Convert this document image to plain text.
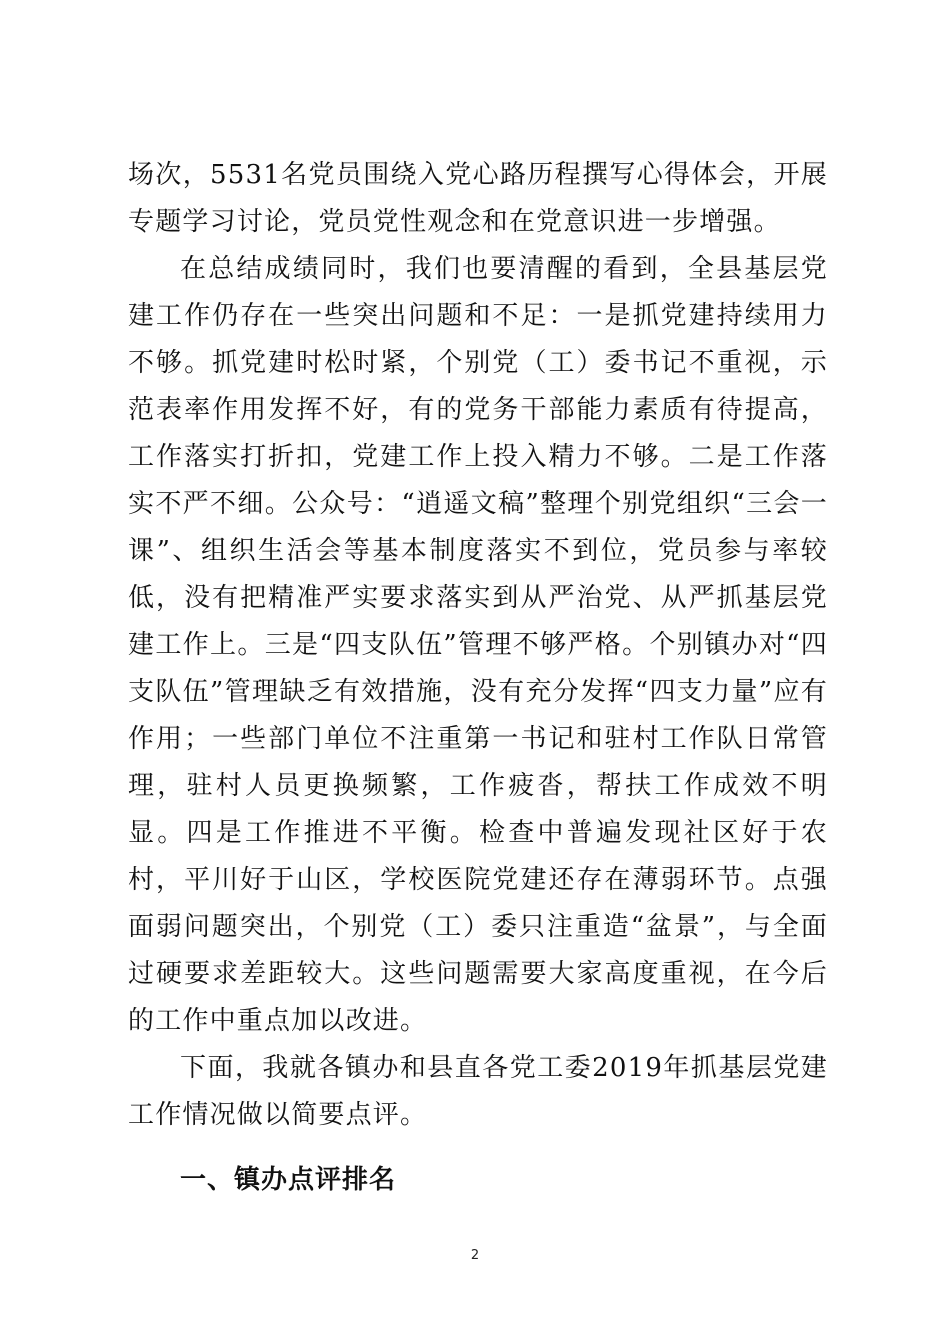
场次，5531名党员围绕入党心路历程撰写心得体会，开展专题学习讨论，党员党性观念和在党意识进一步增强。

在总结成绩同时，我们也要清醒的看到，全县基层党建工作仍存在一些突出问题和不足：一是抓党建持续用力不够。抓党建时松时紧，个别党（工）委书记不重视，示范表率作用发挥不好，有的党务干部能力素质有待提高，工作落实打折扣，党建工作上投入精力不够。二是工作落实不严不细。公众号：“逍遥文稿”整理个别党组织“三会一课”、组织生活会等基本制度落实不到位，党员参与率较低，没有把精准严实要求落实到从严治党、从严抓基层党建工作上。三是“四支队伍”管理不够严格。个别镇办对“四支队伍”管理缺乏有效措施，没有充分发挥“四支力量”应有作用；一些部门单位不注重第一书记和驻村工作队日常管理，驻村人员更换频繁，工作疲沓，帮扶工作成效不明显。四是工作推进不平衡。检查中普遍发现社区好于农村，平川好于山区，学校医院党建还存在薄弱环节。点强面弱问题突出，个别党（工）委只注重造“盆景”，与全面过硬要求差距较大。这些问题需要大家高度重视，在今后的工作中重点加以改进。

下面，我就各镇办和县直各党工委2019年抓基层党建工作情况做以简要点评。

一、镇办点评排名
2
